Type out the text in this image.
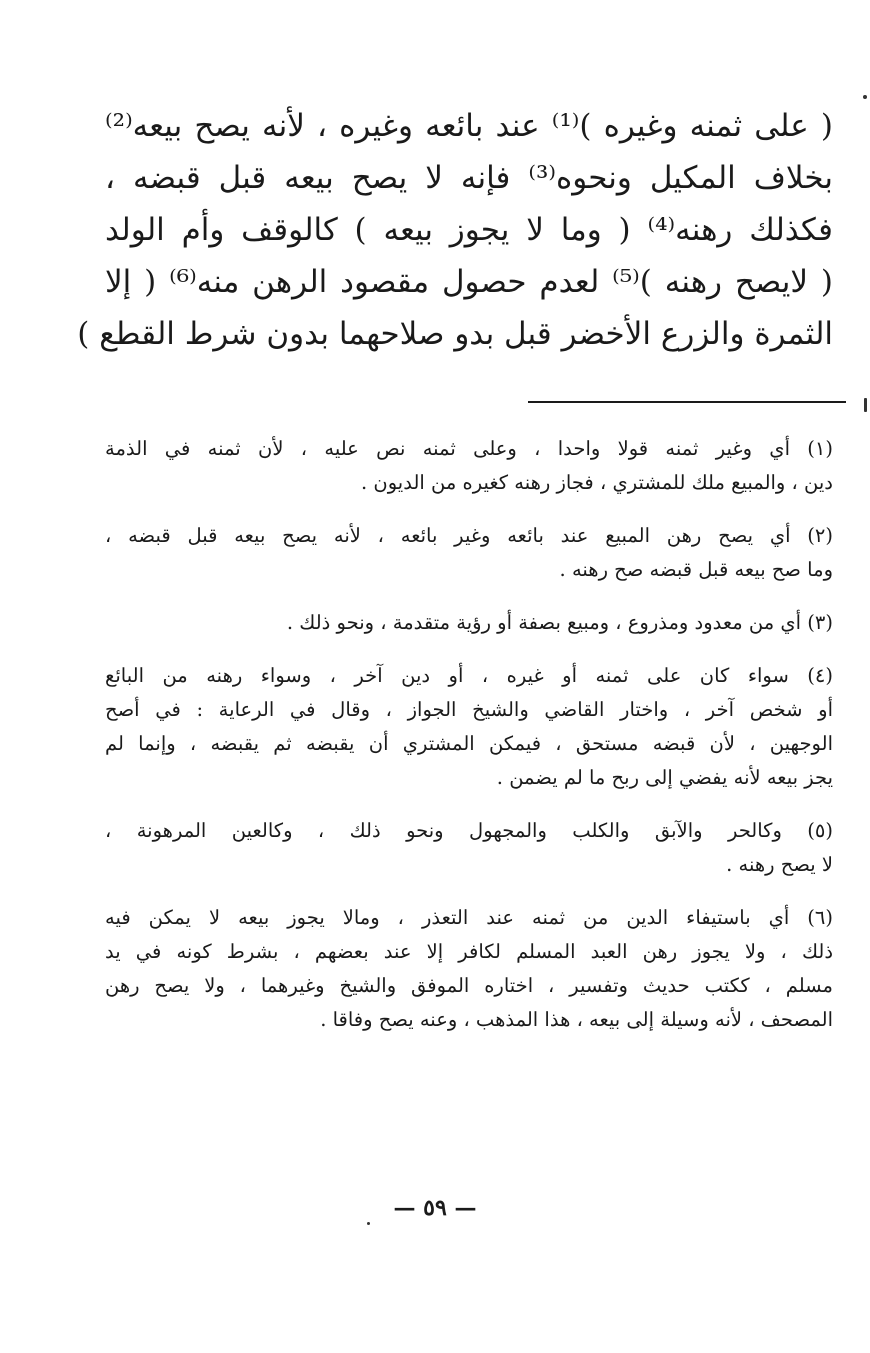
( على ثمنه وغيره )⁽¹⁾ عند بائعه وغيره ، لأنه يصح بيعه⁽²⁾
بخلاف المكيل ونحوه⁽³⁾ فإنه لا يصح بيعه قبل قبضه ،
فكذلك رهنه⁽⁴⁾ ( وما لا يجوز بيعه ) كالوقف وأم الولد
( لايصح رهنه )⁽⁵⁾ لعدم حصول مقصود الرهن منه⁽⁶⁾ ( إلا
الثمرة والزرع الأخضر قبل بدو صلاحهما بدون شرط القطع )
(١) أي وغير ثمنه قولا واحدا ، وعلى ثمنه نص عليه ، لأن ثمنه في الذمة
دين ، والمبيع ملك للمشتري ، فجاز رهنه كغيره من الديون .
(٢) أي يصح رهن المبيع عند بائعه وغير بائعه ، لأنه يصح بيعه قبل قبضه ،
وما صح بيعه قبل قبضه صح رهنه .
(٣) أي من معدود ومذروع ، ومبيع بصفة أو رؤية متقدمة ، ونحو ذلك .
(٤) سواء كان على ثمنه أو غيره ، أو دين آخر ، وسواء رهنه من البائع
أو شخص آخر ، واختار القاضي والشيخ الجواز ، وقال في الرعاية : في أصح
الوجهين ، لأن قبضه مستحق ، فيمكن المشتري أن يقبضه ثم يقبضه ، وإنما لم
يجز بيعه لأنه يفضي إلى ربح ما لم يضمن .
(٥) وكالحر والآبق والكلب والمجهول ونحو ذلك ، وكالعين المرهونة ،
لا يصح رهنه .
(٦) أي باستيفاء الدين من ثمنه عند التعذر ، ومالا يجوز بيعه لا يمكن فيه
ذلك ، ولا يجوز رهن العبد المسلم لكافر إلا عند بعضهم ، بشرط كونه في يد
مسلم ، ككتب حديث وتفسير ، اختاره الموفق والشيخ وغيرهما ، ولا يصح رهن
المصحف ، لأنه وسيلة إلى بيعه ، هذا المذهب ، وعنه يصح وفاقا .
— ٥٩ —
